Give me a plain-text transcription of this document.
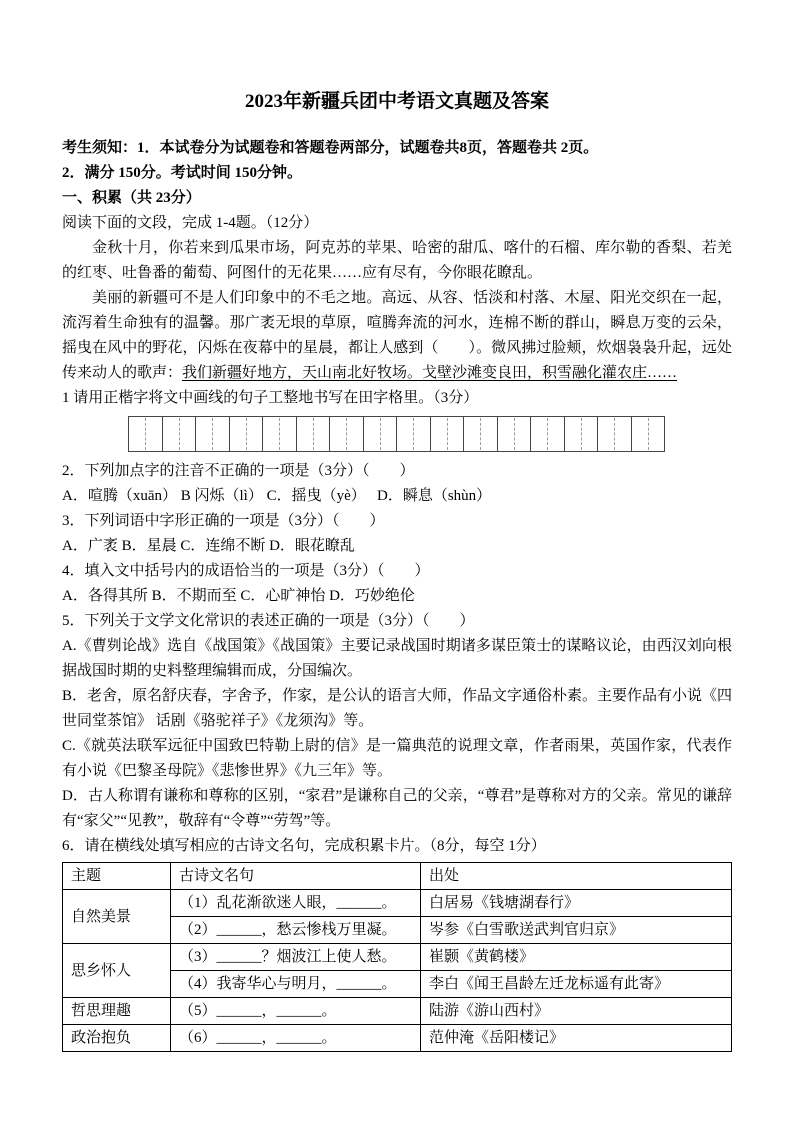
2023年新疆兵团中考语文真题及答案

考生须知：1．本试卷分为试题卷和答题卷两部分，试题卷共8页，答题卷共 2页。

2．满分 150分。考试时间 150分钟。

一、积累（共 23分）

阅读下面的文段，完成 1-4题。（12分）

金秋十月，你若来到瓜果市场，阿克苏的苹果、哈密的甜瓜、喀什的石榴、库尔勒的香梨、若羌的红枣、吐鲁番的葡萄、阿图什的无花果……应有尽有，今你眼花瞭乱。

美丽的新疆可不是人们印象中的不毛之地。高远、从容、恬淡和村落、木屋、阳光交织在一起，流泻着生命独有的温馨。那广袤无垠的草原，喧腾奔流的河水，连棉不断的群山，瞬息万变的云朵，摇曳在风中的野花，闪烁在夜幕中的星晨，都让人感到（　　）。微风拂过脸颊，炊烟袅袅升起，远处传来动人的歌声：我们新疆好地方，天山南北好牧场。戈壁沙滩变良田，积雪融化灌农庄……

1 请用正楷字将文中画线的句子工整地书写在田字格里。（3分）

2．下列加点字的注音不正确的一项是（3分）（　　）

A．喧腾（xuān） B 闪烁（lì） C．摇曳（yè）　 D．瞬息（shùn）

3．下列词语中字形正确的一项是（3分）（　　）

A．广袤 B．星晨 C．连绵不断 D．眼花瞭乱

4．填入文中括号内的成语恰当的一项是（3分）（　　）

A．各得其所 B．不期而至 C．心旷神怡 D．巧妙绝伦

5．下列关于文学文化常识的表述正确的一项是（3分）（　　）

A.《曹刿论战》选自《战国策》《战国策》主要记录战国时期诸多谋臣策士的谋略议论，由西汉刘向根据战国时期的史料整理编辑而成，分国编次。

B．老舍，原名舒庆春，字舍予，作家，是公认的语言大师，作品文字通俗朴素。主要作品有小说《四世同堂茶馆》 话剧《骆驼祥子》《龙须沟》等。

C.《就英法联军远征中国致巴特勒上尉的信》是一篇典范的说理文章，作者雨果，英国作家，代表作有小说《巴黎圣母院》《悲惨世界》《九三年》等。

D．古人称谓有谦称和尊称的区别，“家君”是谦称自己的父亲，“尊君”是尊称对方的父亲。常见的谦辞有“家父”“见教”，敬辞有“令尊”“劳驾”等。

6．请在横线处填写相应的古诗文名句，完成积累卡片。（8分，每空 1分）

主题	古诗文名句	出处
自然美景	（1）乱花渐欲迷人眼，______。	白居易《钱塘湖春行》
	（2）______，愁云惨栈万里凝。	岑参《白雪歌送武判官归京》
思乡怀人	（3）______？烟波江上使人愁。	崔颢《黄鹤楼》
	（4）我寄华心与明月，______。	李白《闻王昌龄左迁龙标遥有此寄》
哲思理趣	（5）______，______。	陆游《游山西村》
政治抱负	（6）______，______。	范仲淹《岳阳楼记》
